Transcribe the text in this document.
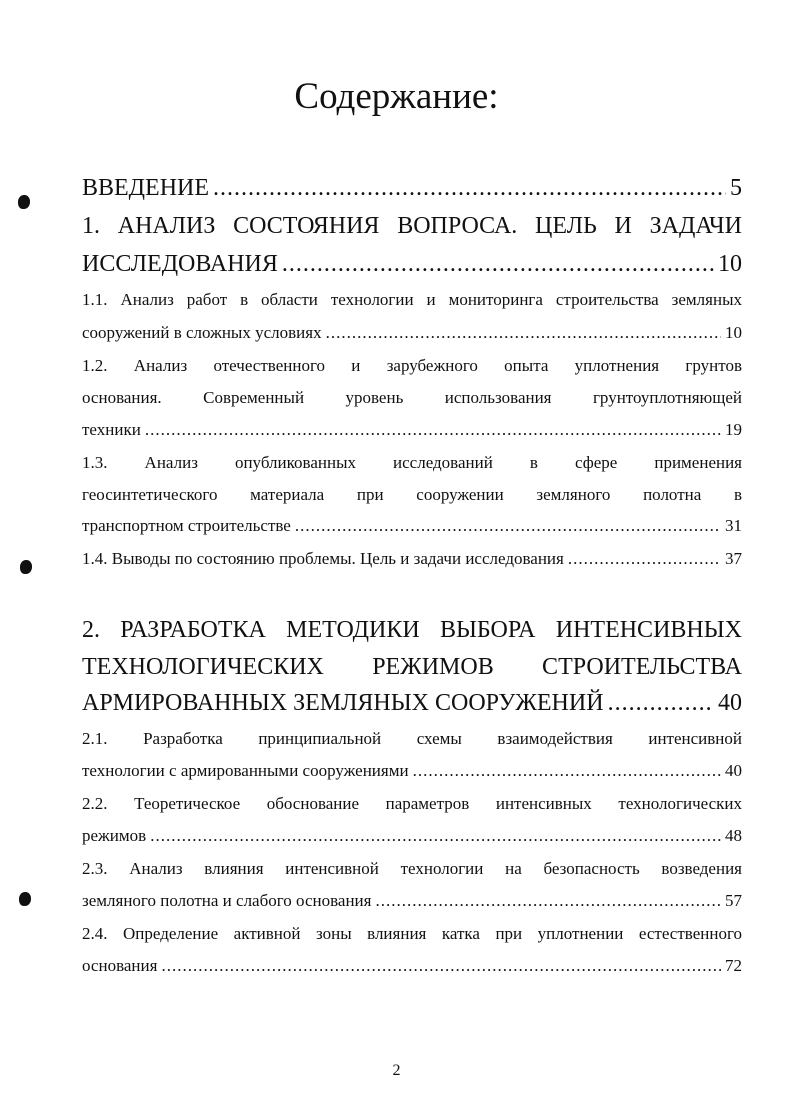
Содержание:
ВВЕДЕНИЕ .....	5
1. АНАЛИЗ СОСТОЯНИЯ ВОПРОСА. ЦЕЛЬ И ЗАДАЧИ
ИССЛЕДОВАНИЯ .....	10
1.1. Анализ работ в области технологии и мониторинга строительства земляных
сооружений в сложных условиях .....	10
1.2. Анализ отечественного и зарубежного опыта уплотнения грунтов
основания. Современный уровень использования грунтоуплотняющей
техники .....	19
1.3. Анализ опубликованных исследований в сфере применения
геосинтетического материала при сооружении земляного полотна в
транспортном строительстве .....	31
1.4. Выводы по состоянию проблемы. Цель и задачи исследования .....	37
2. РАЗРАБОТКА МЕТОДИКИ ВЫБОРА ИНТЕНСИВНЫХ
ТЕХНОЛОГИЧЕСКИХ РЕЖИМОВ СТРОИТЕЛЬСТВА
АРМИРОВАННЫХ ЗЕМЛЯНЫХ СООРУЖЕНИЙ .....	40
2.1. Разработка принципиальной схемы взаимодействия интенсивной
технологии с армированными сооружениями .....	40
2.2. Теоретическое обоснование параметров интенсивных технологических
режимов .....	48
2.3. Анализ влияния интенсивной технологии на безопасность возведения
земляного полотна и слабого основания .....	57
2.4. Определение активной зоны влияния катка при уплотнении естественного
основания .....	72
2
